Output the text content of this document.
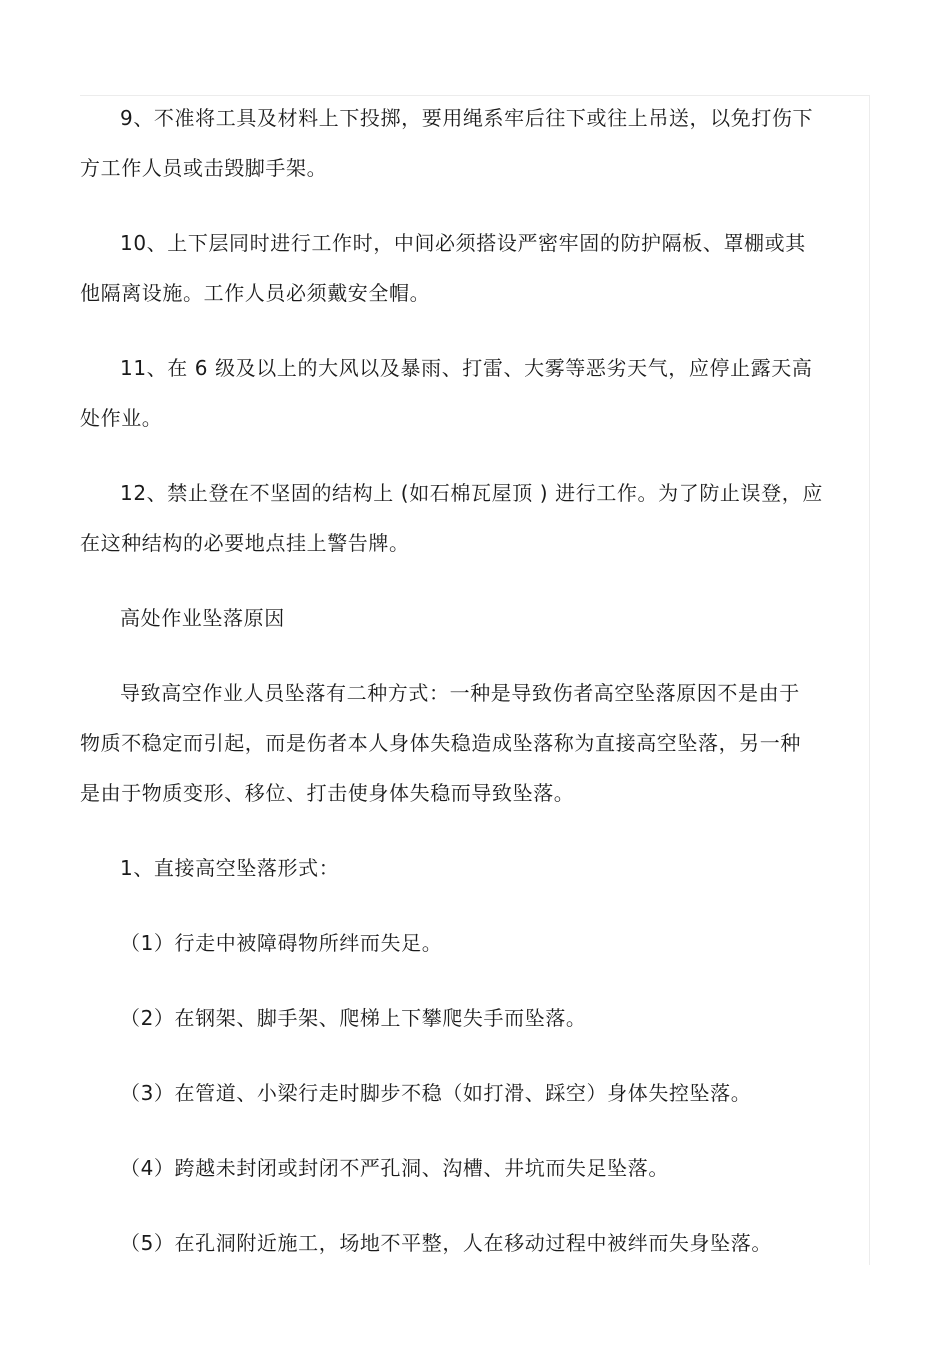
9、不准将工具及材料上下投掷，要用绳系牢后往下或往上吊送，以免打伤下

方工作人员或击毁脚手架。

10、上下层同时进行工作时，中间必须搭设严密牢固的防护隔板、罩棚或其

他隔离设施。工作人员必须戴安全帽。

11、在 6 级及以上的大风以及暴雨、打雷、大雾等恶劣天气，应停止露天高

处作业。

12、禁止登在不坚固的结构上 (如石棉瓦屋顶 ) 进行工作。为了防止误登，应

在这种结构的必要地点挂上警告牌。

高处作业坠落原因

导致高空作业人员坠落有二种方式：一种是导致伤者高空坠落原因不是由于

物质不稳定而引起，而是伤者本人身体失稳造成坠落称为直接高空坠落，另一种

是由于物质变形、移位、打击使身体失稳而导致坠落。

1、直接高空坠落形式：

（1）行走中被障碍物所绊而失足。

（2）在钢架、脚手架、爬梯上下攀爬失手而坠落。

（3）在管道、小梁行走时脚步不稳（如打滑、踩空）身体失控坠落。

（4）跨越未封闭或封闭不严孔洞、沟槽、井坑而失足坠落。

（5）在孔洞附近施工，场地不平整，人在移动过程中被绊而失身坠落。
